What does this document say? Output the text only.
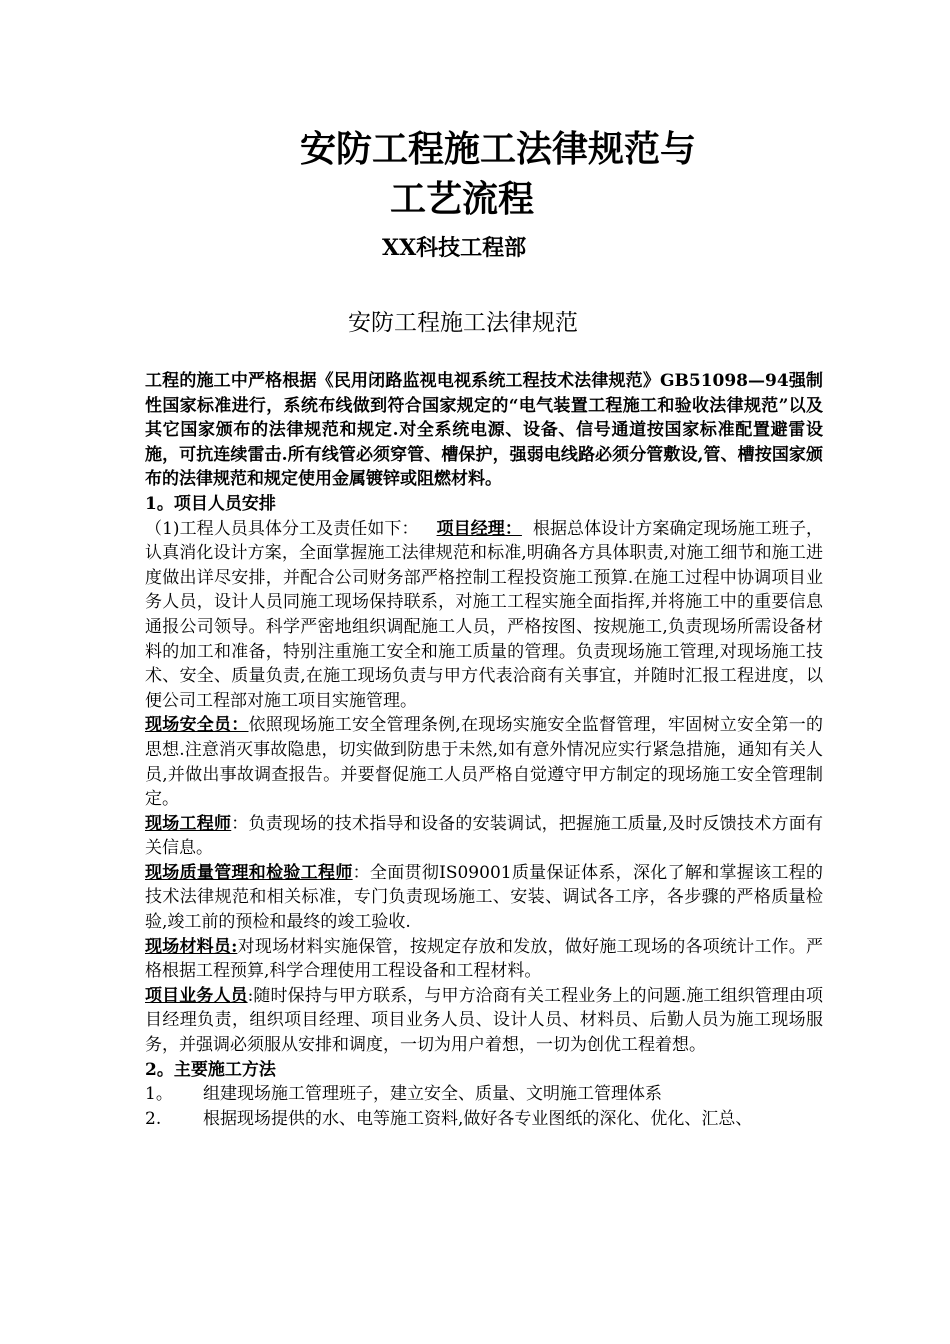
安防工程施工法律规范与
工艺流程
XX科技工程部
安防工程施工法律规范

工程的施工中严格根据《民用闭路监视电视系统工程技术法律规范》GB51098—94强制性国家标准进行，系统布线做到符合国家规定的“电气装置工程施工和验收法律规范”以及其它国家颁布的法律规范和规定.对全系统电源、设备、信号通道按国家标准配置避雷设施，可抗连续雷击.所有线管必须穿管、槽保护，强弱电线路必须分管敷设,管、槽按国家颁布的法律规范和规定使用金属镀锌或阻燃材料。

1。项目人员安排

（1)工程人员具体分工及责任如下： 项目经理： 根据总体设计方案确定现场施工班子，认真消化设计方案，全面掌握施工法律规范和标准,明确各方具体职责,对施工细节和施工进度做出详尽安排，并配合公司财务部严格控制工程投资施工预算.在施工过程中协调项目业务人员，设计人员同施工现场保持联系，对施工工程实施全面指挥,并将施工中的重要信息通报公司领导。科学严密地组织调配施工人员，严格按图、按规施工,负责现场所需设备材料的加工和准备，特别注重施工安全和施工质量的管理。负责现场施工管理,对现场施工技术、安全、质量负责,在施工现场负责与甲方代表洽商有关事宜，并随时汇报工程进度，以便公司工程部对施工项目实施管理。

现场安全员：依照现场施工安全管理条例,在现场实施安全监督管理，牢固树立安全第一的思想.注意消灭事故隐患，切实做到防患于未然,如有意外情况应实行紧急措施，通知有关人员,并做出事故调查报告。并要督促施工人员严格自觉遵守甲方制定的现场施工安全管理制定。

现场工程师：负责现场的技术指导和设备的安装调试，把握施工质量,及时反馈技术方面有关信息。

现场质量管理和检验工程师：全面贯彻IS09001质量保证体系，深化了解和掌握该工程的技术法律规范和相关标准，专门负责现场施工、安装、调试各工序，各步骤的严格质量检验,竣工前的预检和最终的竣工验收.

现场材料员:对现场材料实施保管，按规定存放和发放，做好施工现场的各项统计工作。严格根据工程预算,科学合理使用工程设备和工程材料。

项目业务人员:随时保持与甲方联系，与甲方洽商有关工程业务上的问题.施工组织管理由项目经理负责，组织项目经理、项目业务人员、设计人员、材料员、后勤人员为施工现场服务，并强调必须服从安排和调度，一切为用户着想，一切为创优工程着想。

2。主要施工方法

1。 组建现场施工管理班子，建立安全、质量、文明施工管理体系

2. 根据现场提供的水、电等施工资料,做好各专业图纸的深化、优化、汇总、
